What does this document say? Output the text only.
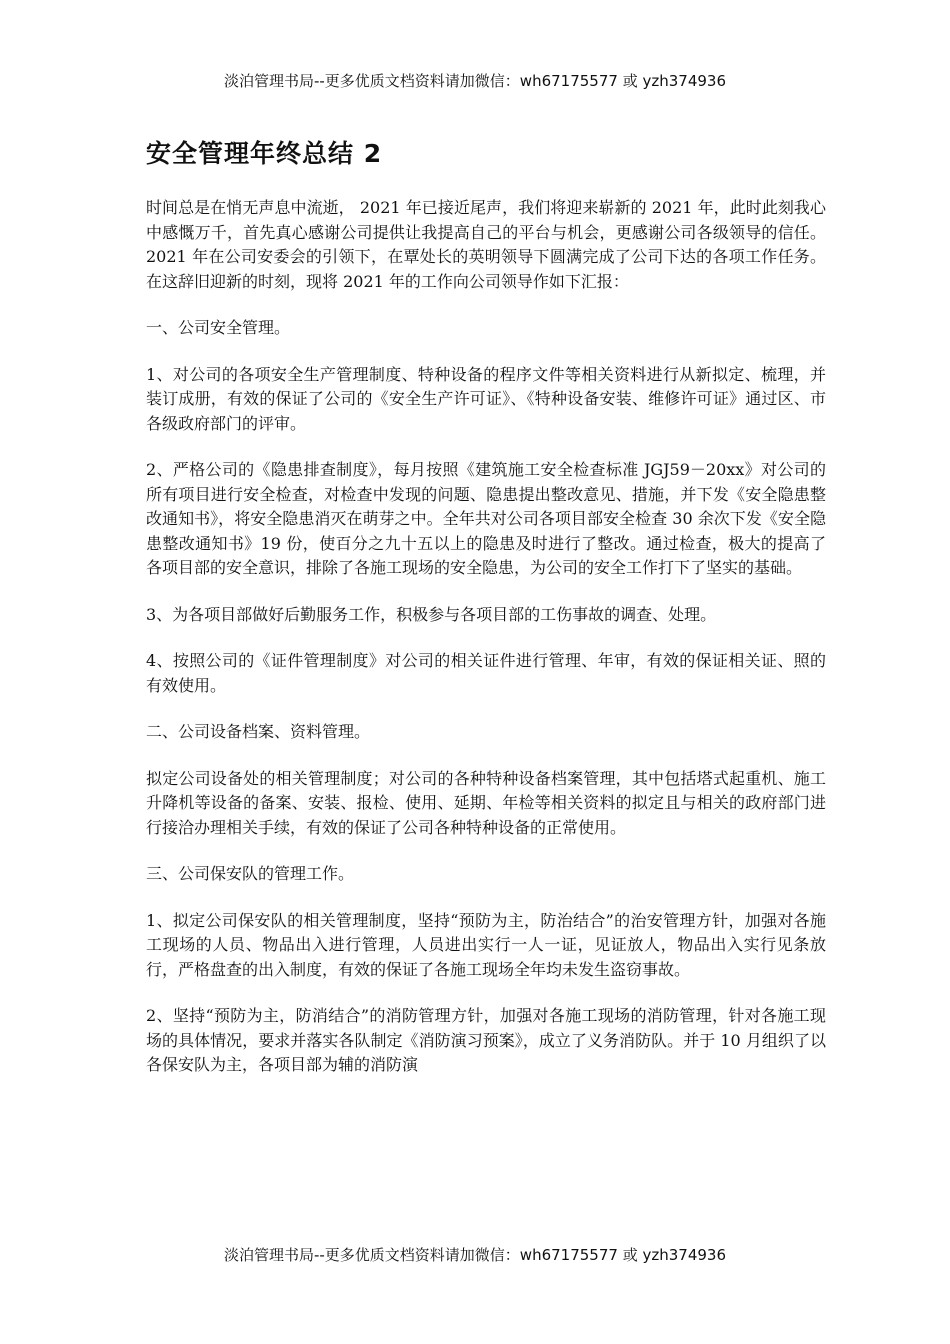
淡泊管理书局--更多优质文档资料请加微信：wh67175577 或 yzh374936
安全管理年终总结 2

时间总是在悄无声息中流逝， 2021 年已接近尾声，我们将迎来崭新的 2021 年，此时此刻我心中感慨万千，首先真心感谢公司提供让我提高自己的平台与机会，更感谢公司各级领导的信任。2021 年在公司安委会的引领下，在覃处长的英明领导下圆满完成了公司下达的各项工作任务。在这辞旧迎新的时刻，现将 2021 年的工作向公司领导作如下汇报：

一、公司安全管理。

1、对公司的各项安全生产管理制度、特种设备的程序文件等相关资料进行从新拟定、梳理，并装订成册，有效的保证了公司的《安全生产许可证》、《特种设备安装、维修许可证》通过区、市各级政府部门的评审。

2、严格公司的《隐患排查制度》，每月按照《建筑施工安全检查标准 JGJ59－20xx》对公司的所有项目进行安全检查，对检查中发现的问题、隐患提出整改意见、措施，并下发《安全隐患整改通知书》，将安全隐患消灭在萌芽之中。全年共对公司各项目部安全检查 30 余次下发《安全隐患整改通知书》19 份，使百分之九十五以上的隐患及时进行了整改。通过检查，极大的提高了各项目部的安全意识，排除了各施工现场的安全隐患，为公司的安全工作打下了坚实的基础。

3、为各项目部做好后勤服务工作，积极参与各项目部的工伤事故的调查、处理。

4、按照公司的《证件管理制度》对公司的相关证件进行管理、年审，有效的保证相关证、照的有效使用。

二、公司设备档案、资料管理。

拟定公司设备处的相关管理制度；对公司的各种特种设备档案管理，其中包括塔式起重机、施工升降机等设备的备案、安装、报检、使用、延期、年检等相关资料的拟定且与相关的政府部门进行接洽办理相关手续，有效的保证了公司各种特种设备的正常使用。

三、公司保安队的管理工作。

1、拟定公司保安队的相关管理制度，坚持“预防为主，防治结合”的治安管理方针，加强对各施工现场的人员、物品出入进行管理，人员进出实行一人一证，见证放人，物品出入实行见条放行，严格盘查的出入制度，有效的保证了各施工现场全年均未发生盗窃事故。

2、坚持“预防为主，防消结合”的消防管理方针，加强对各施工现场的消防管理，针对各施工现场的具体情况，要求并落实各队制定《消防演习预案》，成立了义务消防队。并于 10 月组织了以各保安队为主，各项目部为辅的消防演

淡泊管理书局--更多优质文档资料请加微信：wh67175577 或 yzh374936
